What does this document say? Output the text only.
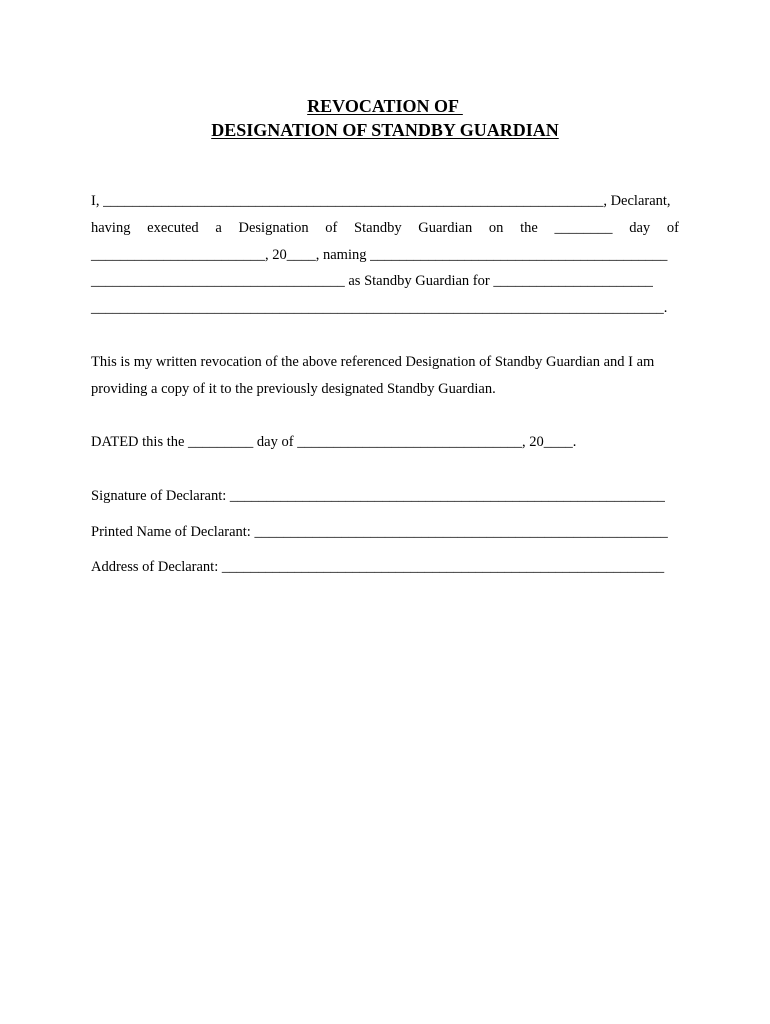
REVOCATION OF
DESIGNATION OF STANDBY GUARDIAN
I, _____________________________________________________________________, Declarant,
having executed a Designation of Standby Guardian on the ________ day of
________________________, 20____, naming _________________________________________
___________________________________ as Standby Guardian for ______________________
_______________________________________________________________________________.
This is my written revocation of the above referenced Designation of Standby Guardian and I am
providing a copy of it to the previously designated Standby Guardian.
DATED this the _________ day of _______________________________, 20____.
Signature of Declarant: ____________________________________________________________
Printed Name of Declarant: _________________________________________________________
Address of Declarant: _____________________________________________________________
